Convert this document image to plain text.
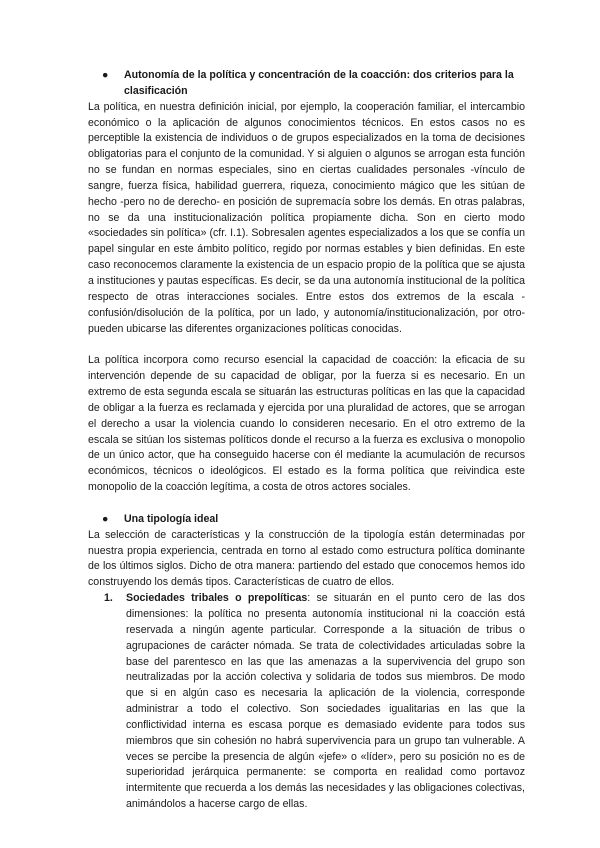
●	Autonomía de la política y concentración de la coacción: dos criterios para la clasificación

La política, en nuestra definición inicial, por ejemplo, la cooperación familiar, el intercambio económico o la aplicación de algunos conocimientos técnicos. En estos casos no es perceptible la existencia de individuos o de grupos especializados en la toma de decisiones obligatorias para el conjunto de la comunidad. Y si alguien o algunos se arrogan esta función no se fundan en normas especiales, sino en ciertas cualidades personales -vínculo de sangre, fuerza física, habilidad guerrera, riqueza, conocimiento mágico que les sitúan de hecho -pero no de derecho- en posición de supremacía sobre los demás. En otras palabras, no se da una institucionalización política propiamente dicha. Son en cierto modo «sociedades sin política» (cfr. I.1). Sobresalen agentes especializados a los que se confía un papel singular en este ámbito político, regido por normas estables y bien definidas. En este caso reconocemos claramente la existencia de un espacio propio de la política que se ajusta a instituciones y pautas específicas. Es decir, se da una autonomía institucional de la política respecto de otras interacciones sociales. Entre estos dos extremos de la escala -confusión/disolución de la política, por un lado, y autonomía/institucionalización, por otro- pueden ubicarse las diferentes organizaciones políticas conocidas.

La política incorpora como recurso esencial la capacidad de coacción: la eficacia de su intervención depende de su capacidad de obligar, por la fuerza si es necesario. En un extremo de esta segunda escala se situarán las estructuras políticas en las que la capacidad de obligar a la fuerza es reclamada y ejercida por una pluralidad de actores, que se arrogan el derecho a usar la violencia cuando lo consideren necesario. En el otro extremo de la escala se sitúan los sistemas políticos donde el recurso a la fuerza es exclusiva o monopolio de un único actor, que ha conseguido hacerse con él mediante la acumulación de recursos económicos, técnicos o ideológicos. El estado es la forma política que reivindica este monopolio de la coacción legítima, a costa de otros actores sociales.

●	Una tipología ideal

La selección de características y la construcción de la tipología están determinadas por nuestra propia experiencia, centrada en torno al estado como estructura política dominante de los últimos siglos. Dicho de otra manera: partiendo del estado que conocemos hemos ido construyendo los demás tipos. Características de cuatro de ellos.

1.	Sociedades tribales o prepolíticas: se situarán en el punto cero de las dos dimensiones: la política no presenta autonomía institucional ni la coacción está reservada a ningún agente particular. Corresponde a la situación de tribus o agrupaciones de carácter nómada. Se trata de colectividades articuladas sobre la base del parentesco en las que las amenazas a la supervivencia del grupo son neutralizadas por la acción colectiva y solidaria de todos sus miembros. De modo que si en algún caso es necesaria la aplicación de la violencia, corresponde administrar a todo el colectivo. Son sociedades igualitarias en las que la conflictividad interna es escasa porque es demasiado evidente para todos sus miembros que sin cohesión no habrá supervivencia para un grupo tan vulnerable. A veces se percibe la presencia de algún «jefe» o «líder», pero su posición no es de superioridad jerárquica permanente: se comporta en realidad como portavoz intermitente que recuerda a los demás las necesidades y las obligaciones colectivas, animándolos a hacerse cargo de ellas.
